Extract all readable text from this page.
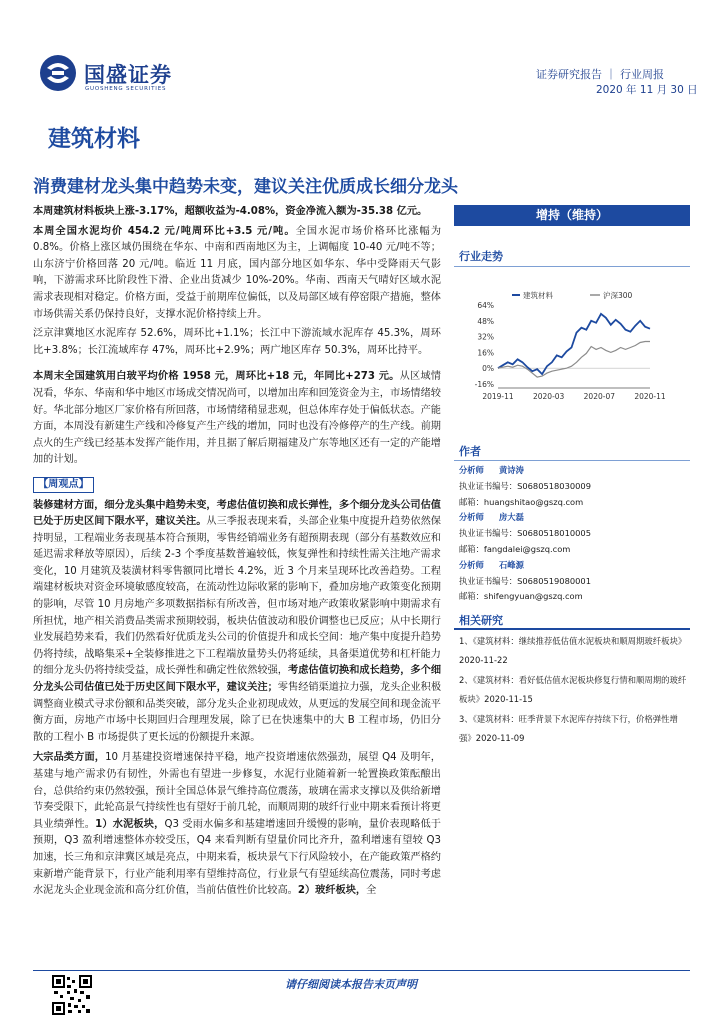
国盛证券
GUOSHENG SECURITIES
证券研究报告 ｜ 行业周报
2020 年 11 月 30 日
建筑材料
消费建材龙头集中趋势未变，建议关注优质成长细分龙头

本周建筑材料板块上涨-3.17%，超额收益为-4.08%，资金净流入额为-35.38 亿元。

本周全国水泥均价 454.2 元/吨周环比+3.5 元/吨。全国水泥市场价格环比涨幅为 0.8%。价格上涨区域仍围绕在华东、中南和西南地区为主，上调幅度 10-40 元/吨不等；山东济宁价格回落 20 元/吨。临近 11 月底，国内部分地区如华东、华中受降雨天气影响，下游需求环比阶段性下滑、企业出货减少 10%-20%。华南、西南天气晴好区域水泥需求表现相对稳定。价格方面，受益于前期库位偏低，以及局部区域有停窑限产措施，整体市场供需关系仍保持良好，支撑水泥价格持续上升。

泛京津冀地区水泥库存 52.6%，周环比+1.1%；长江中下游流域水泥库存 45.3%，周环比+3.8%；长江流域库存 47%，周环比+2.9%；两广地区库存 50.3%，周环比持平。

本周末全国建筑用白玻平均价格 1958 元，周环比+18 元，年同比+273 元。从区域情况看，华东、华南和华中地区市场成交情况尚可，以增加出库和回笼资金为主，市场情绪较好。华北部分地区厂家价格有所回落，市场情绪稍显悲观，但总体库存处于偏低状态。产能方面，本周没有新建生产线和冷修复产生产线的增加，同时也没有冷修停产的生产线。前期点火的生产线已经基本发挥产能作用，并且据了解后期福建及广东等地区还有一定的产能增加的计划。

【周观点】

装修建材方面，细分龙头集中趋势未变，考虑估值切换和成长弹性，多个细分龙头公司估值已处于历史区间下限水平，建议关注。从三季报表现来看，头部企业集中度提升趋势依然保持明显，工程端业务表现基本符合预期，零售经销端业务有超预期表现（部分有基数效应和延迟需求释放等原因），后续 2-3 个季度基数普遍较低，恢复弹性和持续性需关注地产需求变化，10 月建筑及装潢材料零售额同比增长 4.2%，近 3 个月来呈现环比改善趋势。工程端建材板块对资金环境敏感度较高，在流动性边际收紧的影响下，叠加房地产政策变化预期的影响，尽管 10 月房地产多项数据指标有所改善，但市场对地产政策收紧影响中期需求有所担忧，地产相关消费品类需求预期较弱，板块估值波动和股价调整也已反应；从中长期行业发展趋势来看，我们仍然看好优质龙头公司的价值提升和成长空间：地产集中度提升趋势仍将持续，战略集采+全装修推进之下工程端放量势头仍将延续，具备渠道优势和杠杆能力的细分龙头仍将持续受益，成长弹性和确定性依然较强，考虑估值切换和成长趋势，多个细分龙头公司估值已处于历史区间下限水平，建议关注；零售经销渠道拉力强，龙头企业积极调整商业模式寻求份额和品类突破，部分龙头企业初现成效，从更远的发展空间和现金流平衡方面，房地产市场中长期回归合理理发展，除了已在快速集中的大 B 工程市场，仍旧分散的工程小 B 市场提供了更长远的份额提升来源。

大宗品类方面，10 月基建投资增速保持平稳，地产投资增速依然强劲，展望 Q4 及明年，基建与地产需求仍有韧性，外需也有望进一步修复，水泥行业随着新一轮置换政策酝酿出台，总供给约束仍然较强，预计全国总体景气维持高位震荡，玻璃在需求支撑以及供给新增节奏受限下，此轮高景气持续性也有望好于前几轮，而顺周期的玻纤行业中期来看预计将更具业绩弹性。1）水泥板块，Q3 受雨水偏多和基建增速回升缓慢的影响，量价表现略低于预期，Q3 盈利增速整体亦较受压，Q4 来看判断有望量价同比齐升，盈利增速有望较 Q3 加速，长三角和京津冀区域是亮点，中期来看，板块景气下行风险较小，在产能政策严格约束新增产能背景下，行业产能利用率有望维持高位，行业景气有望延续高位震荡，同时考虑水泥龙头企业现金流和高分红价值，当前估值性价比较高。2）玻纤板块，全

增持（维持）
行业走势
建筑材料	沪深300
-16%
0%
16%
32%
48%
64%
2019-11	2020-03	2020-07	2020-11
作者
分析师 黄诗涛
执业证书编号：S0680518030009
邮箱：huangshitao@gszq.com
分析师 房大磊
执业证书编号：S0680518010005
邮箱：fangdalei@gszq.com
分析师 石峰源
执业证书编号：S0680519080001
邮箱：shifengyuan@gszq.com
相关研究
1、《建筑材料：继续推荐低估值水泥板块和顺周期玻纤板块》2020-11-22
2、《建筑材料：看好低估值水泥板块修复行情和顺周期的玻纤板块》2020-11-15
3、《建筑材料：旺季背景下水泥库存持续下行，价格弹性增强》2020-11-09
请仔细阅读本报告末页声明
